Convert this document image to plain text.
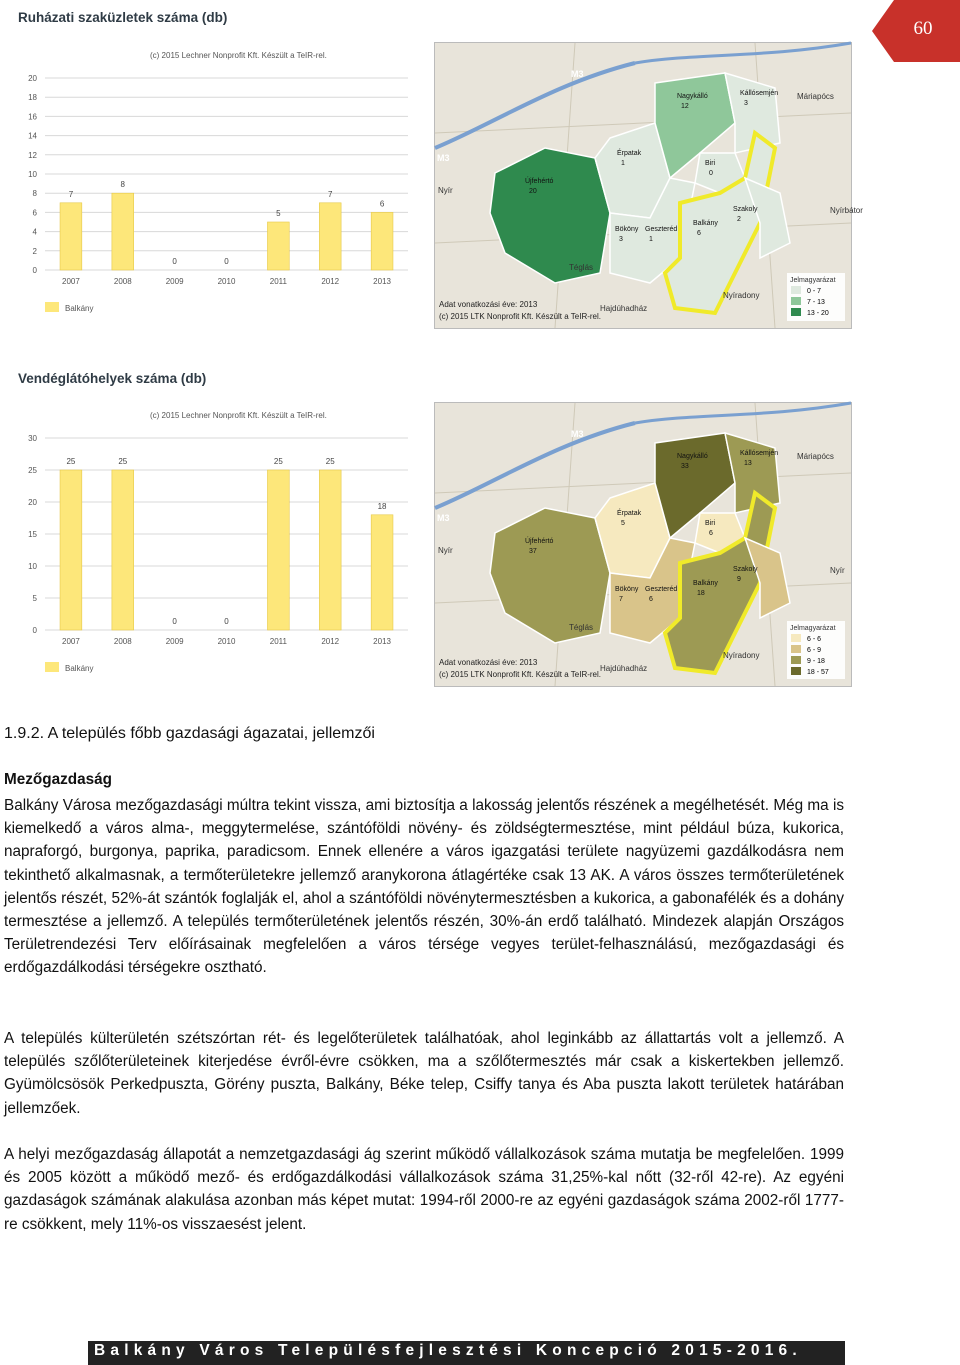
60
Ruházati szaküzletek száma (db)
(c) 2015 Lechner Nonprofit Kft. Készült a TeIR-rel.
0
2
4
6
8
10
12
14
16
18
20
7
2007
8
2008
0
2009
0
2010
5
2011
7
2012
6
2013
Balkány
M3
M3
Máriapócs
Nyírbátor
Nyíradony
Téglás
Hajdúhadház
Nyír
Jelmagyarázat
0 - 7
7 - 13
13 - 20
Adat vonatkozási éve: 2013
(c) 2015 LTK Nonprofit Kft. Készült a TeIR-rel.
Nagykálló
12
Kállósemjén
3
Biri
0
Érpatak
1
Újfehértó
20
Szakoly
2
Balkány
6
Bököny
3
Geszteréd
1
Vendéglátóhelyek száma (db)
(c) 2015 Lechner Nonprofit Kft. Készült a TeIR-rel.
0
5
10
15
20
25
30
25
2007
25
2008
0
2009
0
2010
25
2011
25
2012
18
2013
Balkány
M3
M3
Máriapócs
Nyír
Nyíradony
Téglás
Hajdúhadház
Nyír
Jelmagyarázat
6 - 6
6 - 9
9 - 18
18 - 57
Adat vonatkozási éve: 2013
(c) 2015 LTK Nonprofit Kft. Készült a TeIR-rel.
Nagykálló
33
Kállósemjén
13
Biri
6
Érpatak
5
Újfehértó
37
Szakoly
9
Balkány
18
Bököny
7
Geszteréd
6
1.9.2. A település főbb gazdasági ágazatai, jellemzői
Mezőgazdaság

Balkány Városa mezőgazdasági múltra tekint vissza, ami biztosítja a lakosság jelentős részének a megélhetését. Még ma is kiemelkedő a város alma-, meggytermelése, szántóföldi növény- és zöldségtermesztése, mint például búza, kukorica, napraforgó, burgonya, paprika, paradicsom. Ennek ellenére a város igazgatási területe nagyüzemi gazdálkodásra nem tekinthető alkalmasnak, a termőterületekre jellemző aranykorona átlagértéke csak 13 AK. A város összes termőterületének jelentős részét, 52%-át szántók foglalják el, ahol a szántóföldi növénytermesztésben a kukorica, a gabonafélék és a dohány termesztése a jellemző. A település termőterületének jelentős részén, 30%-án erdő található. Mindezek alapján Országos Területrendezési Terv előírásainak megfelelően a város térsége vegyes terület-felhasználású, mezőgazdasági és erdőgazdálkodási térségekre osztható.

A település külterületén szétszórtan rét- és legelőterületek találhatóak, ahol leginkább az állattartás volt a jellemző. A település szőlőterületeinek kiterjedése évről-évre csökken, ma a szőlőtermesztés már csak a kiskertekben jellemző. Gyümölcsösök Perkedpuszta, Görény puszta, Balkány, Béke telep, Csiffy tanya és Aba puszta lakott területek határában jellemzőek.

A helyi mezőgazdaság állapotát a nemzetgazdasági ág szerint működő vállalkozások száma mutatja be megfelelően. 1999 és 2005 között a működő mező- és erdőgazdálkodási vállalkozások száma 31,25%-kal nőtt (32-ről 42-re). Az egyéni gazdaságok számának alakulása azonban más képet mutat: 1994-ről 2000-re az egyéni gazdaságok száma 2002-ről 1777-re csökkent, mely 11%-os visszaesést jelent.

Balkány Város Településfejlesztési Koncepció 2015-2016.
